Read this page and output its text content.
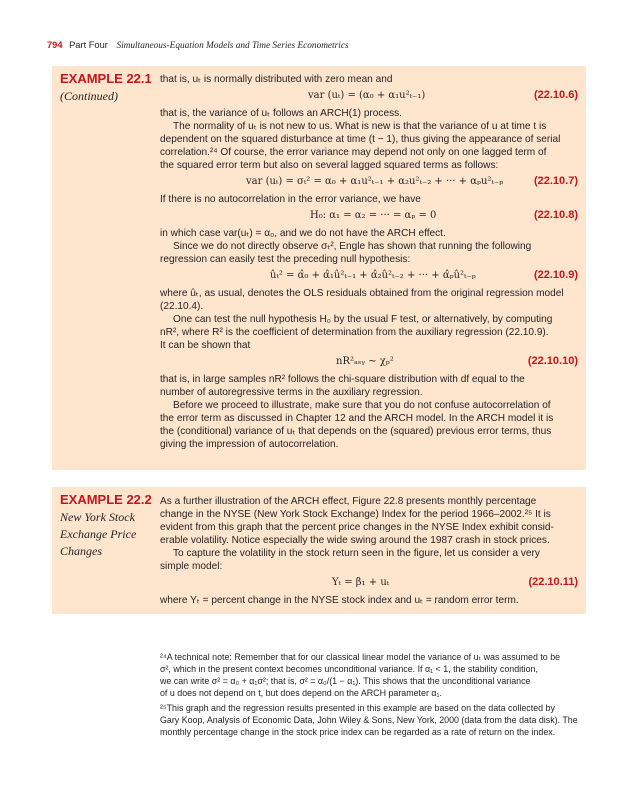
794 Part Four Simultaneous-Equation Models and Time Series Econometrics
EXAMPLE 22.1
(Continued)

that is, uₜ is normally distributed with zero mean and

var (uₜ) = (α₀ + α₁u²ₜ₋₁)	(22.10.6)

that is, the variance of uₜ follows an ARCH(1) process.

The normality of uₜ is not new to us. What is new is that the variance of u at time t is

dependent on the squared disturbance at time (t − 1), thus giving the appearance of serial

correlation.²⁴ Of course, the error variance may depend not only on one lagged term of

the squared error term but also on several lagged squared terms as follows:

var (uₜ) = σₜ² = α₀ + α₁u²ₜ₋₁ + α₂u²ₜ₋₂ + ··· + αₚu²ₜ₋ₚ	(22.10.7)

If there is no autocorrelation in the error variance, we have

H₀: α₁ = α₂ = ··· = αₚ = 0	(22.10.8)

in which case var(uₜ) = α₀, and we do not have the ARCH effect.

Since we do not directly observe σₜ², Engle has shown that running the following

regression can easily test the preceding null hypothesis:

ûₜ² = α̂₀ + α̂₁û²ₜ₋₁ + α̂₂û²ₜ₋₂ + ··· + α̂ₚû²ₜ₋ₚ	(22.10.9)

where ûₜ, as usual, denotes the OLS residuals obtained from the original regression model

(22.10.4).

One can test the null hypothesis H₀ by the usual F test, or alternatively, by computing

nR², where R² is the coefficient of determination from the auxiliary regression (22.10.9).

It can be shown that

nR²ₐₛᵧ ∼ χₚ²	(22.10.10)

that is, in large samples nR² follows the chi-square distribution with df equal to the

number of autoregressive terms in the auxiliary regression.

Before we proceed to illustrate, make sure that you do not confuse autocorrelation of

the error term as discussed in Chapter 12 and the ARCH model. In the ARCH model it is

the (conditional) variance of uₜ that depends on the (squared) previous error terms, thus

giving the impression of autocorrelation.

EXAMPLE 22.2
New York Stock
Exchange Price
Changes

As a further illustration of the ARCH effect, Figure 22.8 presents monthly percentage

change in the NYSE (New York Stock Exchange) Index for the period 1966–2002.²⁵ It is

evident from this graph that the percent price changes in the NYSE Index exhibit consid-

erable volatility. Notice especially the wide swing around the 1987 crash in stock prices.

To capture the volatility in the stock return seen in the figure, let us consider a very

simple model:

Yₜ = β₁ + uₜ	(22.10.11)

where Yₜ = percent change in the NYSE stock index and uₜ = random error term.

²⁴A technical note: Remember that for our classical linear model the variance of uₜ was assumed to be
σ², which in the present context becomes unconditional variance. If α₁ < 1, the stability condition,
we can write σ² = α₀ + α₁σ²; that is, σ² = α₀/(1 − α₁). This shows that the unconditional variance
of u does not depend on t, but does depend on the ARCH parameter α₁.
²⁵This graph and the regression results presented in this example are based on the data collected by
Gary Koop, Analysis of Economic Data, John Wiley & Sons, New York, 2000 (data from the data disk). The
monthly percentage change in the stock price index can be regarded as a rate of return on the index.
